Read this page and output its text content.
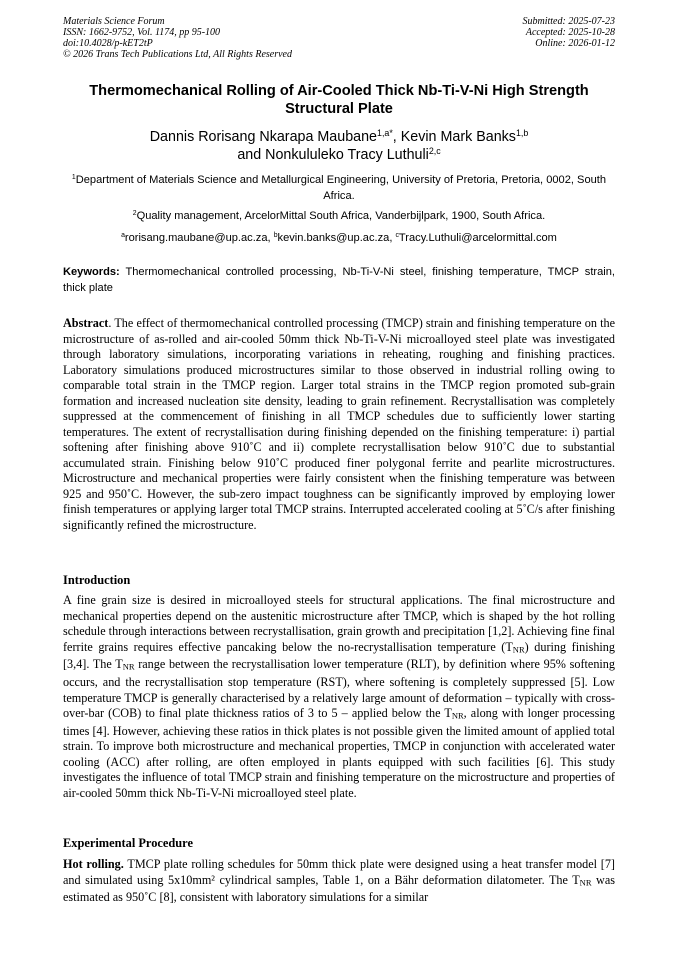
Materials Science Forum
ISSN: 1662-9752, Vol. 1174, pp 95-100
doi:10.4028/p-kET2tP
© 2026 Trans Tech Publications Ltd, All Rights Reserved
Submitted: 2025-07-23
Accepted: 2025-10-28
Online: 2026-01-12
Thermomechanical Rolling of Air-Cooled Thick Nb-Ti-V-Ni High Strength
Structural Plate
Dannis Rorisang Nkarapa Maubane$^{1,a*}$, Kevin Mark Banks$^{1,b}$
and Nonkululeko Tracy Luthuli$^{2,c}$
$^1$Department of Materials Science and Metallurgical Engineering, University of Pretoria, Pretoria, 0002, South Africa.
$^2$Quality management, ArcelorMittal South Africa, Vanderbijlpark, 1900, South Africa.
$^a$rorisang.maubane@up.ac.za, $^b$kevin.banks@up.ac.za, $^c$Tracy.Luthuli@arcelormittal.com
Keywords: Thermomechanical controlled processing, Nb-Ti-V-Ni steel, finishing temperature, TMCP strain, thick plate
Abstract. The effect of thermomechanical controlled processing (TMCP) strain and finishing temperature on the microstructure of as-rolled and air-cooled 50mm thick Nb-Ti-V-Ni microalloyed steel plate was investigated through laboratory simulations, incorporating variations in reheating, roughing and finishing practices. Laboratory simulations produced microstructures similar to those observed in industrial rolling owing to comparable total strain in the TMCP region. Larger total strains in the TMCP region promoted sub-grain formation and increased nucleation site density, leading to grain refinement. Recrystallisation was completely suppressed at the commencement of finishing in all TMCP schedules due to sufficiently lower starting temperatures. The extent of recrystallisation during finishing depended on the finishing temperature: i) partial softening after finishing above 910˚C and ii) complete recrystallisation below 910˚C due to substantial accumulated strain. Finishing below 910˚C produced finer polygonal ferrite and pearlite microstructures. Microstructure and mechanical properties were fairly consistent when the finishing temperature was between 925 and 950˚C. However, the sub-zero impact toughness can be significantly improved by employing lower finish temperatures or applying larger total TMCP strains. Interrupted accelerated cooling at 5˚C/s after finishing significantly refined the microstructure.
Introduction
A fine grain size is desired in microalloyed steels for structural applications. The final microstructure and mechanical properties depend on the austenitic microstructure after TMCP, which is shaped by the hot rolling schedule through interactions between recrystallisation, grain growth and precipitation [1,2]. Achieving fine final ferrite grains requires effective pancaking below the no-recrystallisation temperature (TNR) during finishing [3,4]. The TNR range between the recrystallisation lower temperature (RLT), by definition where 95% softening occurs, and the recrystallisation stop temperature (RST), where softening is completely suppressed [5]. Low temperature TMCP is generally characterised by a relatively large amount of deformation – typically with cross-over-bar (COB) to final plate thickness ratios of 3 to 5 – applied below the TNR, along with longer processing times [4]. However, achieving these ratios in thick plates is not possible given the limited amount of applied total strain. To improve both microstructure and mechanical properties, TMCP in conjunction with accelerated water cooling (ACC) after rolling, are often employed in plants equipped with such facilities [6]. This study investigates the influence of total TMCP strain and finishing temperature on the microstructure and properties of air-cooled 50mm thick Nb-Ti-V-Ni microalloyed steel plate.
Experimental Procedure
Hot rolling. TMCP plate rolling schedules for 50mm thick plate were designed using a heat transfer model [7] and simulated using 5x10mm² cylindrical samples, Table 1, on a Bähr deformation dilatometer. The TNR was estimated as 950˚C [8], consistent with laboratory simulations for a similar
